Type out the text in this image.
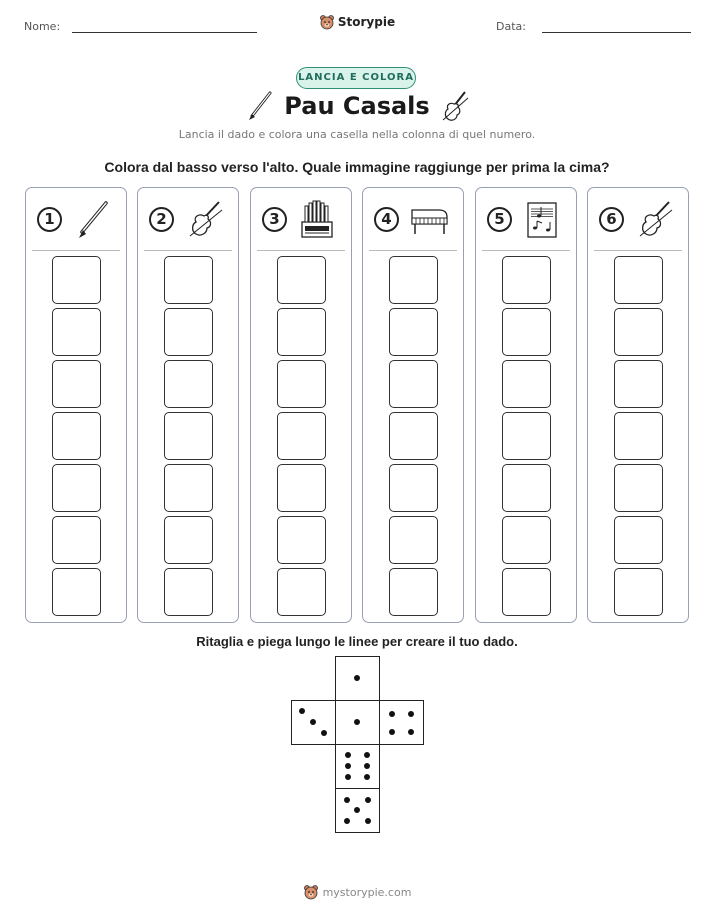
Nome:	Storypie	Data:
LANCIA E COLORA
Pau Casals
Lancia il dado e colora una casella nella colonna di quel numero.
Colora dal basso verso l'alto. Quale immagine raggiunge per prima la cima?
1	2	3	4	5	6
Ritaglia e piega lungo le linee per creare il tuo dado.
mystorypie.com
